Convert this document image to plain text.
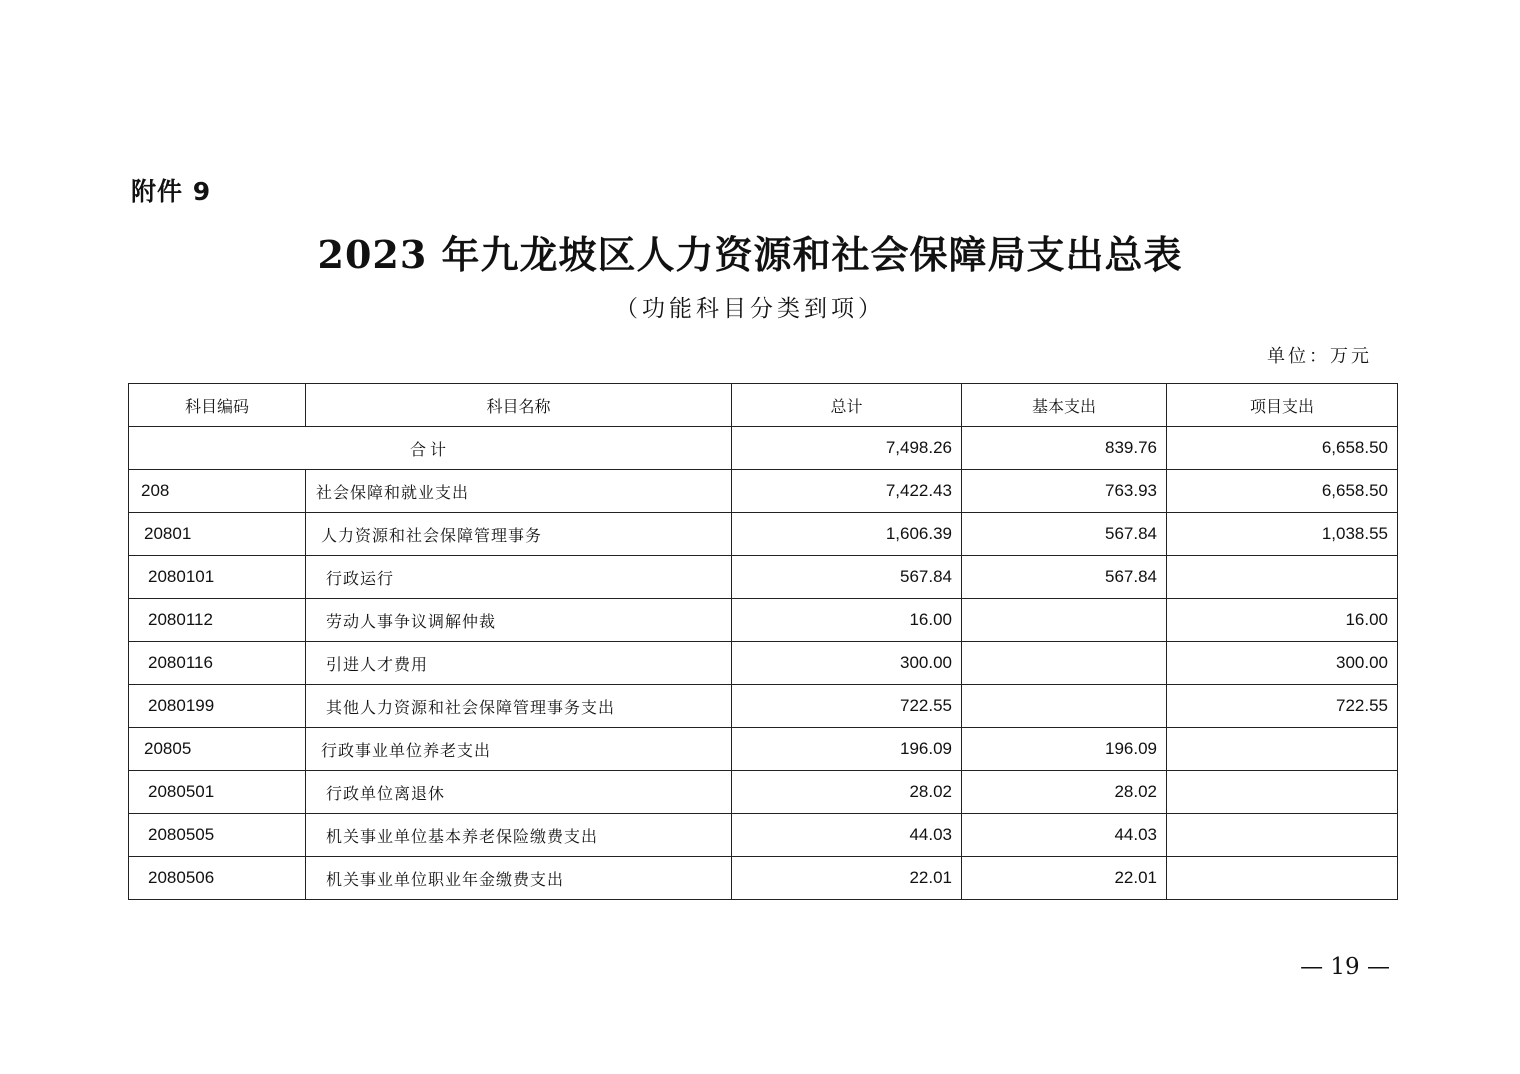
附件 9
2023 年九龙坡区人力资源和社会保障局支出总表
（功能科目分类到项）
单位：万元
科目编码	科目名称	总计	基本支出	项目支出
合计		7,498.26	839.76	6,658.50
208	社会保障和就业支出	7,422.43	763.93	6,658.50
20801	人力资源和社会保障管理事务	1,606.39	567.84	1,038.55
2080101	行政运行	567.84	567.84	
2080112	劳动人事争议调解仲裁	16.00		16.00
2080116	引进人才费用	300.00		300.00
2080199	其他人力资源和社会保障管理事务支出	722.55		722.55
20805	行政事业单位养老支出	196.09	196.09	
2080501	行政单位离退休	28.02	28.02	
2080505	机关事业单位基本养老保险缴费支出	44.03	44.03	
2080506	机关事业单位职业年金缴费支出	22.01	22.01	
— 19 —
